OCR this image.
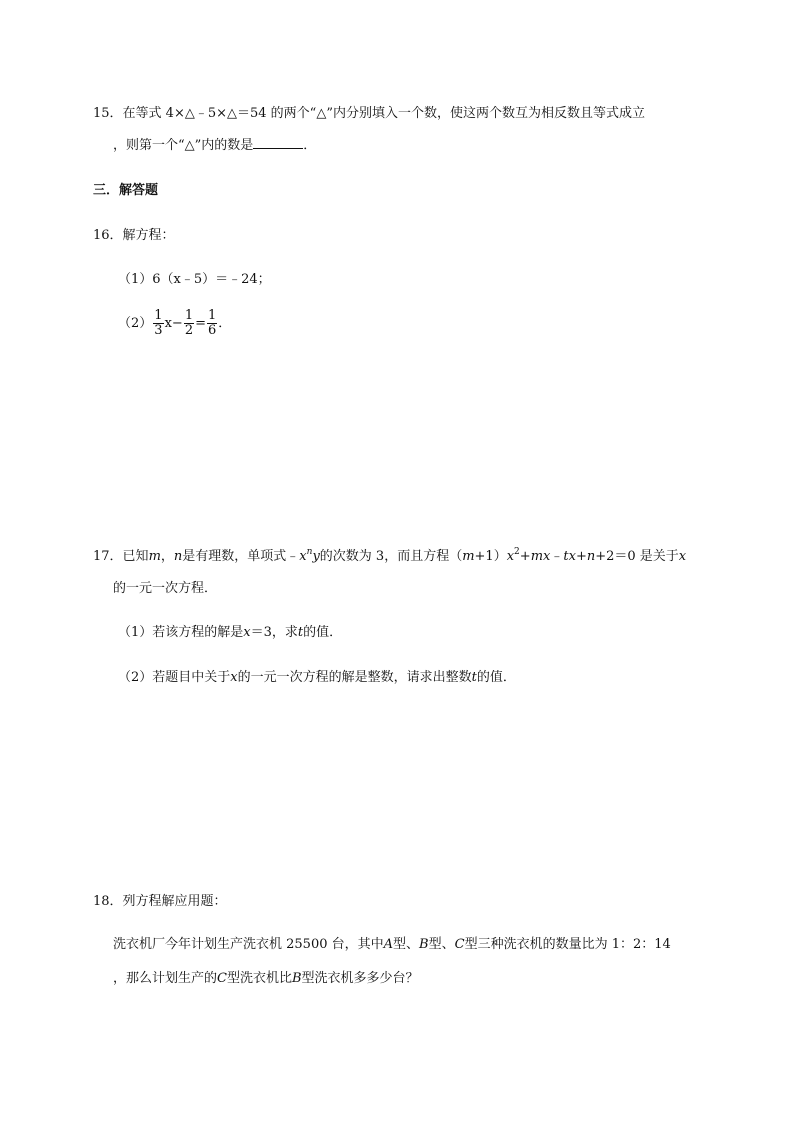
15．在等式 4×△﹣5×△＝54 的两个“△”内分别填入一个数，使这两个数互为相反数且等式成立
，则第一个“△”内的数是	．
三．解答题
16．解方程：
（1）6（x﹣5）＝﹣24；
$(2) \frac{1}{3} x- \frac{1}{2} = \frac{1}{6}$ ．
17．已知m，n是有理数，单项式$﹣x^ny$的次数为 3，而且方程$(m+1)x^2+mx﹣tx+n+2=0$ 是关于x
的一元一次方程．
（1）若该方程的解是x＝3，求t的值．
（2）若题目中关于x的一元一次方程的解是整数，请求出整数t的值．
18．列方程解应用题：
洗衣机厂今年计划生产洗衣机 25500 台，其中A型、B型、C型三种洗衣机的数量比为 1：2：14
，那么计划生产的C型洗衣机比B型洗衣机多多少台？
